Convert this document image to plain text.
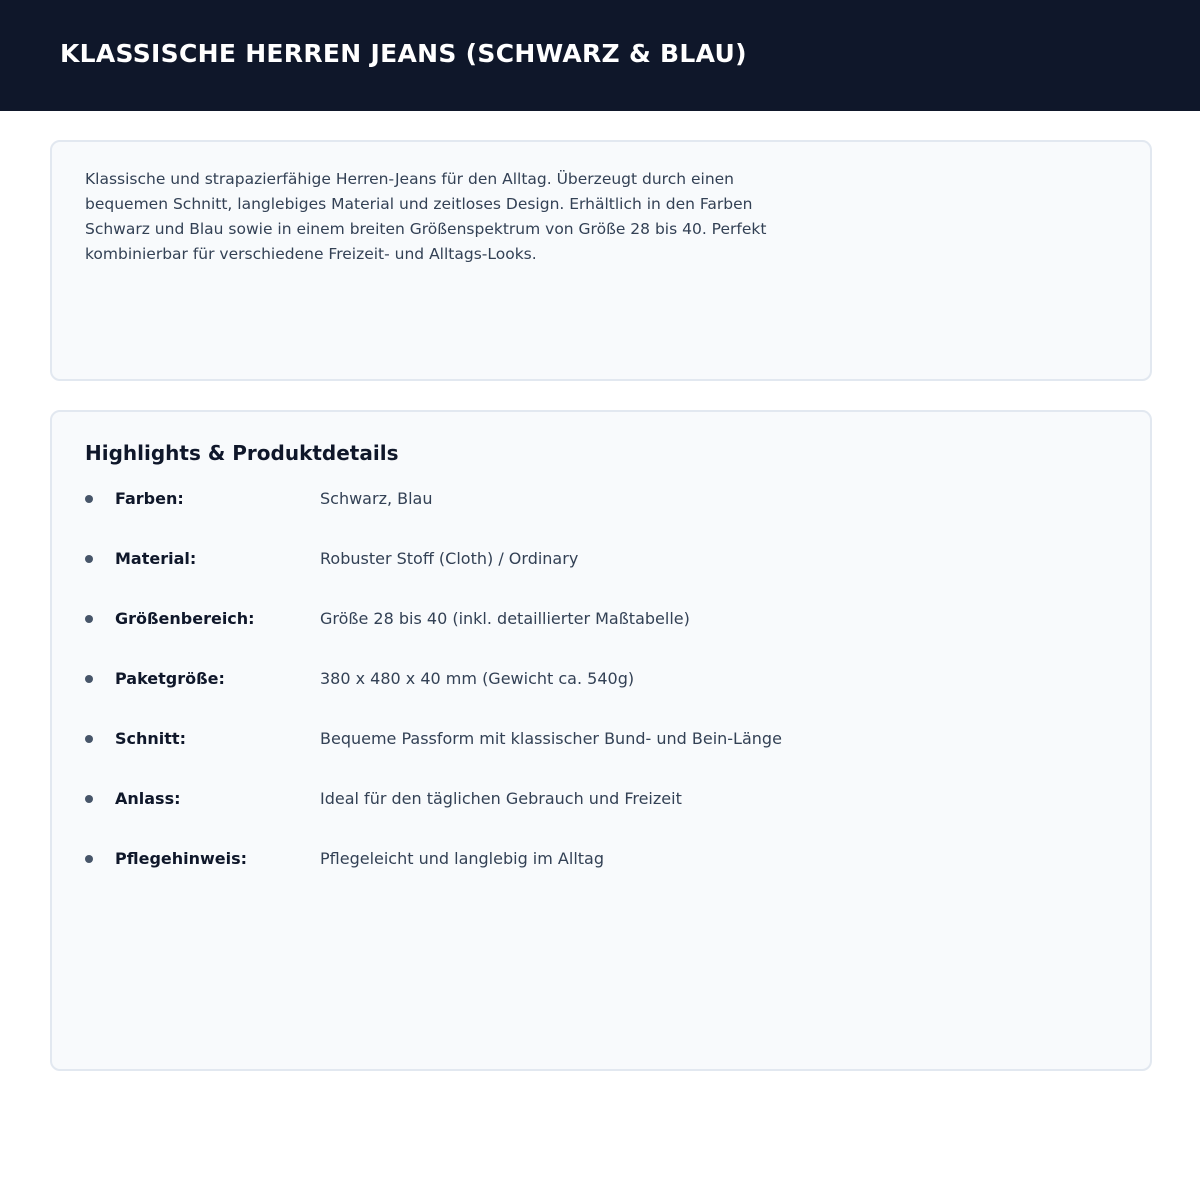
KLASSISCHE HERREN JEANS (SCHWARZ & BLAU)

Klassische und strapazierfähige Herren-Jeans für den Alltag. Überzeugt durch einen bequemen Schnitt, langlebiges Material und zeitloses Design. Erhältlich in den Farben Schwarz und Blau sowie in einem breiten Größenspektrum von Größe 28 bis 40. Perfekt kombinierbar für verschiedene Freizeit- und Alltags-Looks.

Highlights & Produktdetails
Farben:	Schwarz, Blau
Material:	Robuster Stoff (Cloth) / Ordinary
Größenbereich:	Größe 28 bis 40 (inkl. detaillierter Maßtabelle)
Paketgröße:	380 x 480 x 40 mm (Gewicht ca. 540g)
Schnitt:	Bequeme Passform mit klassischer Bund- und Bein-Länge
Anlass:	Ideal für den täglichen Gebrauch und Freizeit
Pflegehinweis:	Pflegeleicht und langlebig im Alltag
